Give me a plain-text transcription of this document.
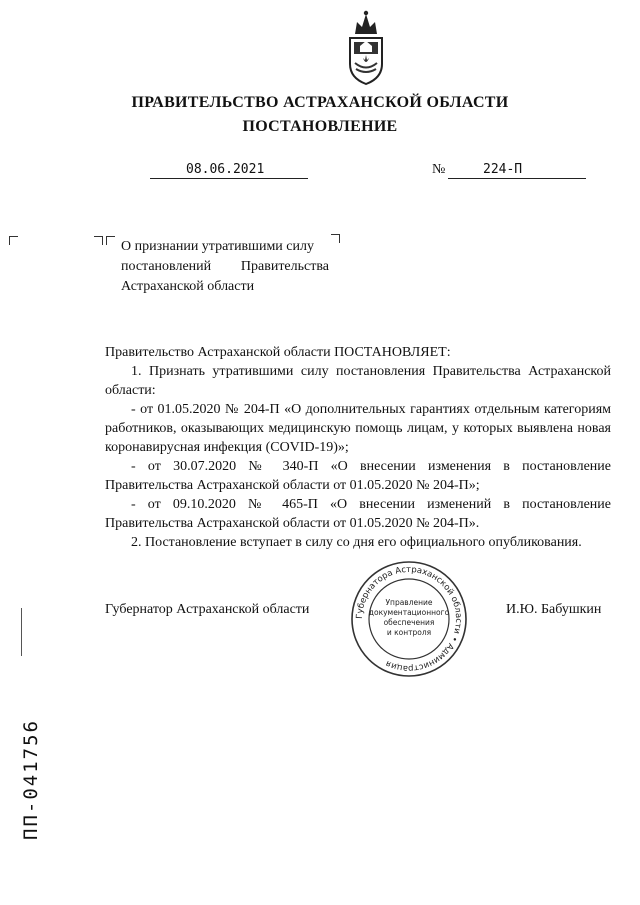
ПРАВИТЕЛЬСТВО АСТРАХАНСКОЙ ОБЛАСТИ
ПОСТАНОВЛЕНИЕ
08.06.2021	№	224-П
О признании утратившими силу
постановлений Правительства
Астраханской области

Правительство Астраханской области ПОСТАНОВЛЯЕТ:

1. Признать утратившими силу постановления Правительства Астраханской области:

- от 01.05.2020 № 204-П «О дополнительных гарантиях отдельным категориям работников, оказывающих медицинскую помощь лицам, у которых выявлена новая коронавирусная инфекция (COVID-19)»;

- от 30.07.2020 № 340-П «О внесении изменения в постановление Правительства Астраханской области от 01.05.2020 № 204-П»;

- от 09.10.2020 № 465-П «О внесении изменений в постановление Правительства Астраханской области от 01.05.2020 № 204-П».

2. Постановление вступает в силу со дня его официального опубликования.

Губернатор Астраханской области	И.Ю. Бабушкин
Губернатора Астраханской области • Администрация
Управление
документационного
обеспечения
и контроля
ПП-041756
